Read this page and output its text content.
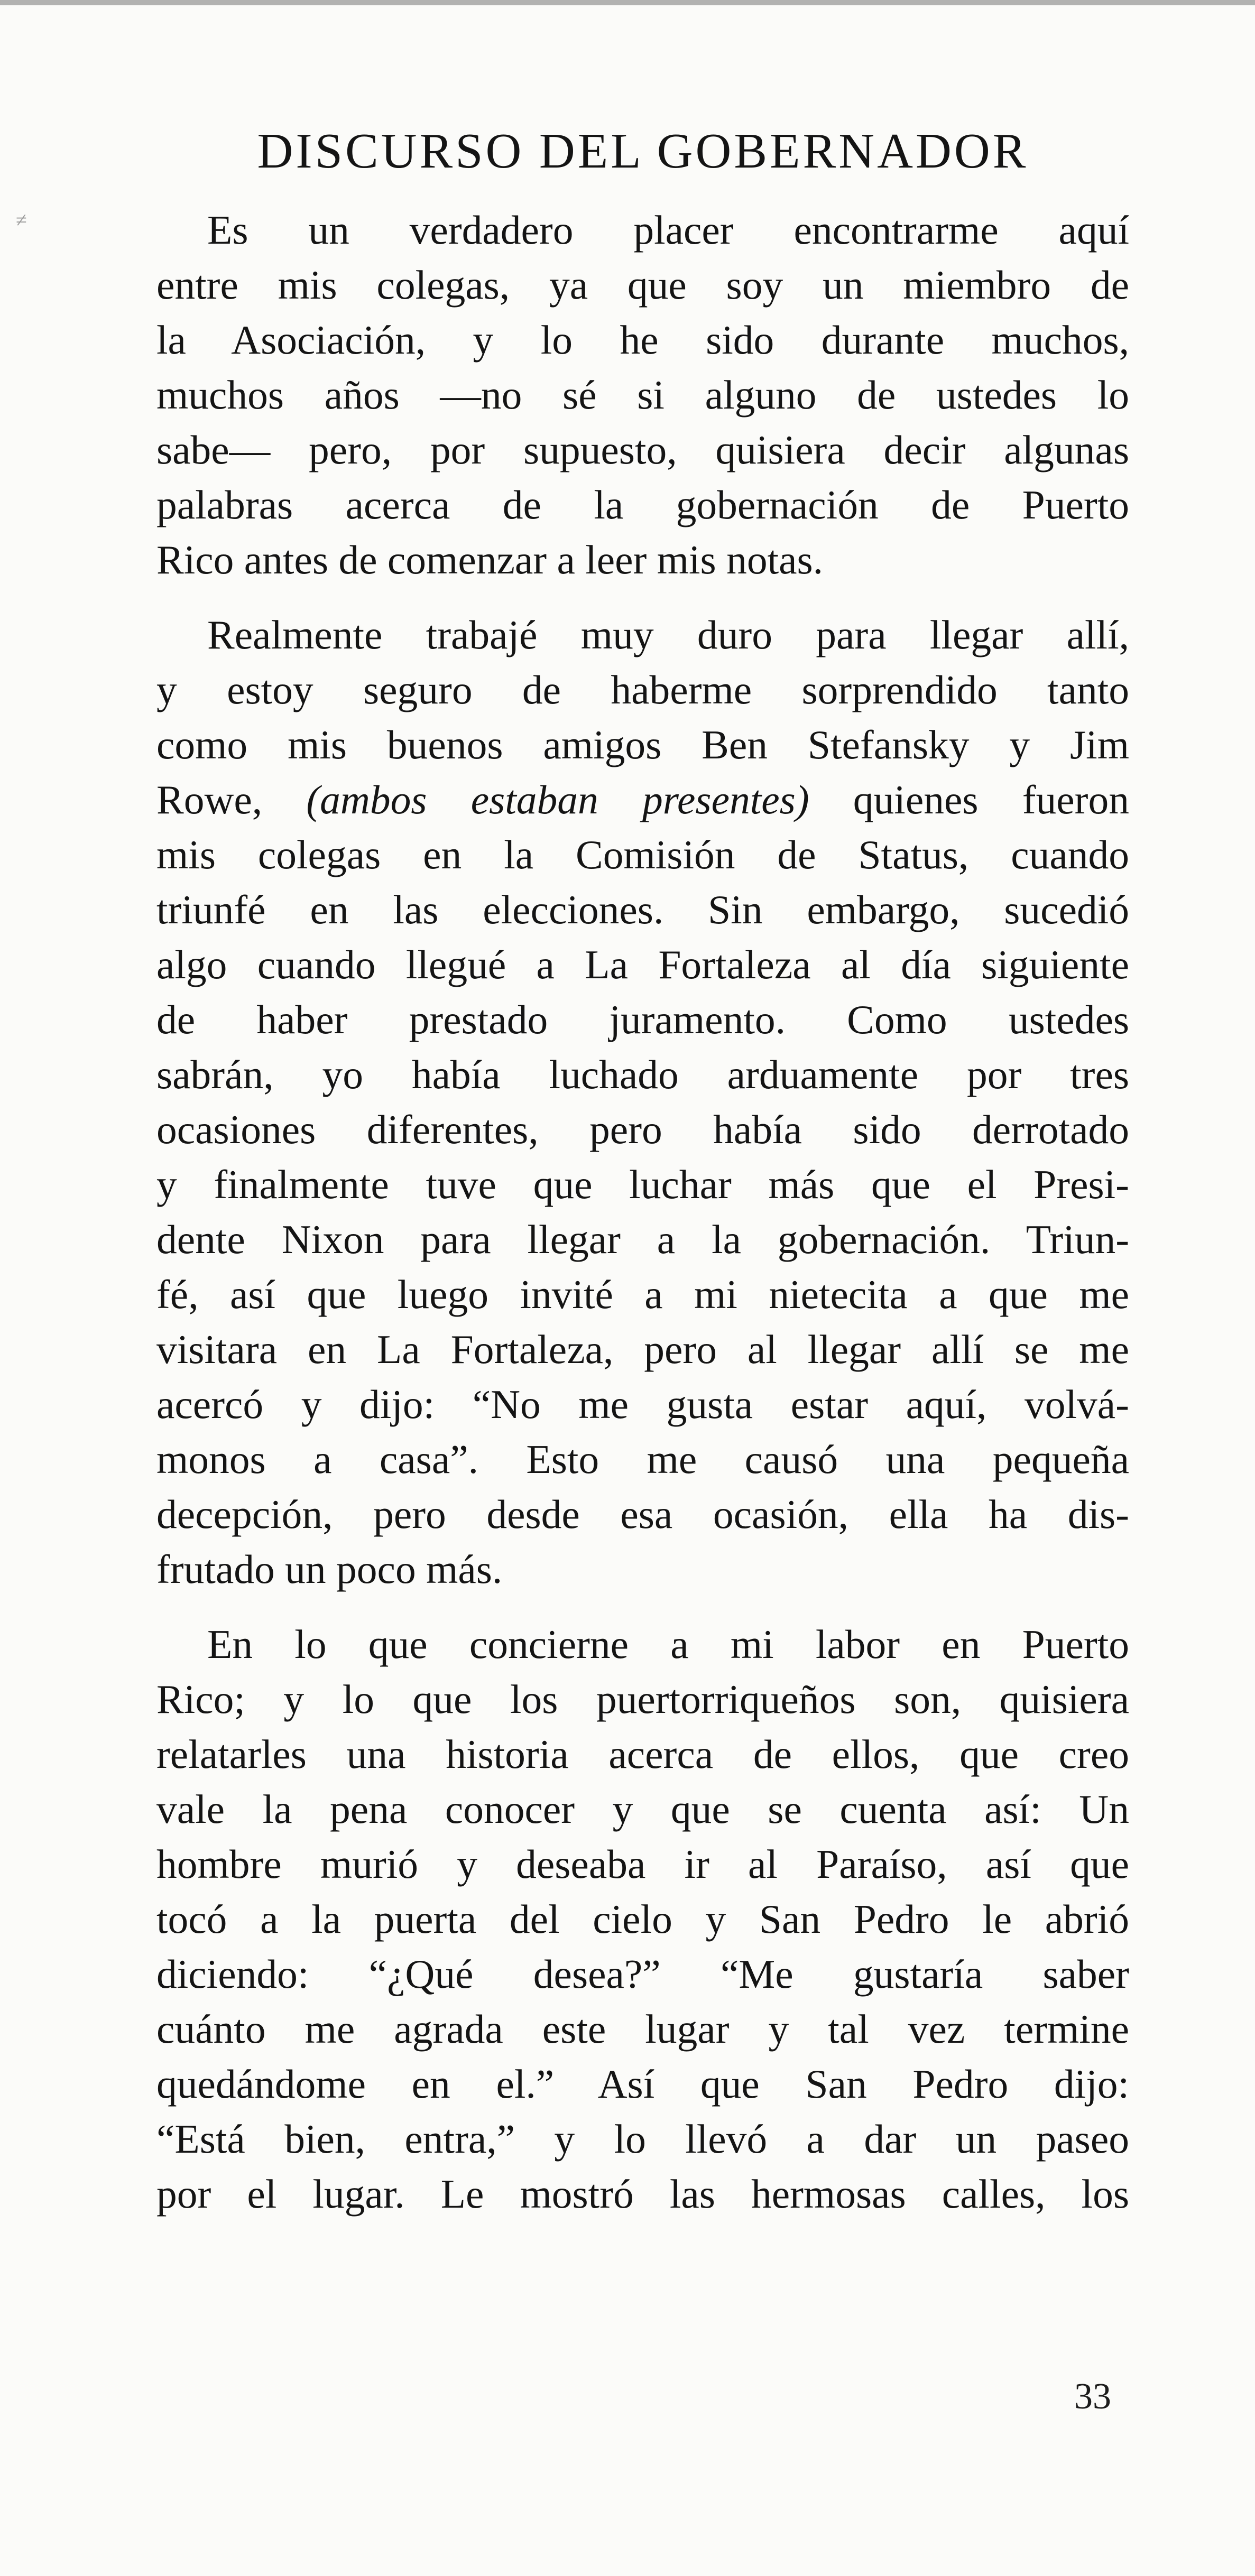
≠
DISCURSO DEL GOBERNADOR
Es un verdadero placer encontrarme aquí
entre mis colegas, ya que soy un miembro de
la Asociación, y lo he sido durante muchos,
muchos años —no sé si alguno de ustedes lo
sabe— pero, por supuesto, quisiera decir algunas
palabras acerca de la gobernación de Puerto
Rico antes de comenzar a leer mis notas.
Realmente trabajé muy duro para llegar allí,
y estoy seguro de haberme sorprendido tanto
como mis buenos amigos Ben Stefansky y Jim
Rowe, (ambos estaban presentes) quienes fueron
mis colegas en la Comisión de Status, cuando
triunfé en las elecciones. Sin embargo, sucedió
algo cuando llegué a La Fortaleza al día siguiente
de haber prestado juramento. Como ustedes
sabrán, yo había luchado arduamente por tres
ocasiones diferentes, pero había sido derrotado
y finalmente tuve que luchar más que el Presi-
dente Nixon para llegar a la gobernación. Triun-
fé, así que luego invité a mi nietecita a que me
visitara en La Fortaleza, pero al llegar allí se me
acercó y dijo: “No me gusta estar aquí, volvá-
monos a casa”. Esto me causó una pequeña
decepción, pero desde esa ocasión, ella ha dis-
frutado un poco más.
En lo que concierne a mi labor en Puerto
Rico; y lo que los puertorriqueños son, quisiera
relatarles una historia acerca de ellos, que creo
vale la pena conocer y que se cuenta así: Un
hombre murió y deseaba ir al Paraíso, así que
tocó a la puerta del cielo y San Pedro le abrió
diciendo: “¿Qué desea?” “Me gustaría saber
cuánto me agrada este lugar y tal vez termine
quedándome en el.” Así que San Pedro dijo:
“Está bien, entra,” y lo llevó a dar un paseo
por el lugar. Le mostró las hermosas calles, los
33
